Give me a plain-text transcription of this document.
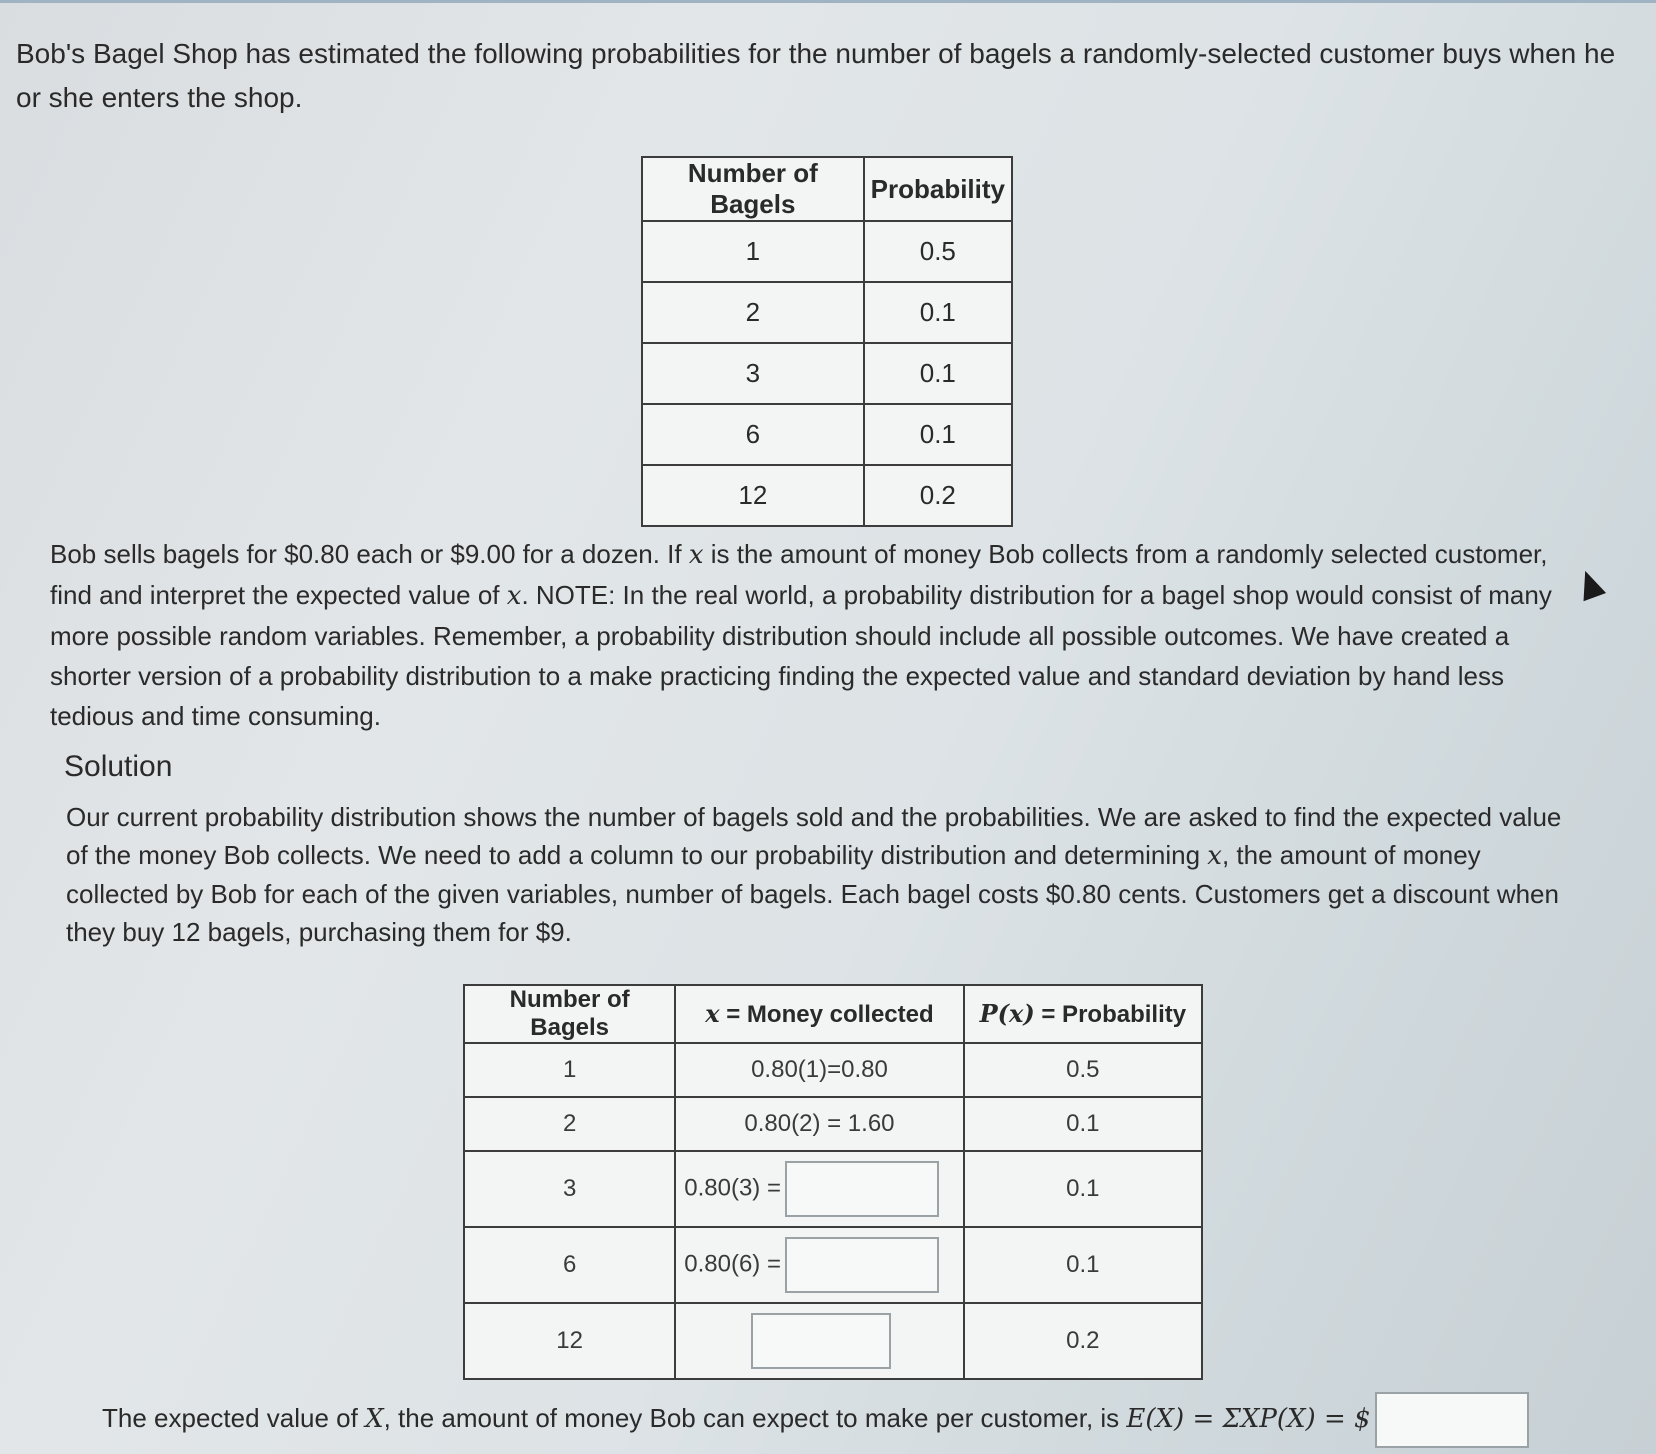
Bob's Bagel Shop has estimated the following probabilities for the number of bagels a randomly-selected customer buys when he or she enters the shop.
Number of Bagels	Probability
1	0.5
2	0.1
3	0.1
6	0.1
12	0.2
Bob sells bagels for $0.80 each or $9.00 for a dozen. If x is the amount of money Bob collects from a randomly selected customer, find and interpret the expected value of x. NOTE: In the real world, a probability distribution for a bagel shop would consist of many more possible random variables. Remember, a probability distribution should include all possible outcomes. We have created a shorter version of a probability distribution to a make practicing finding the expected value and standard deviation by hand less tedious and time consuming.
Solution
Our current probability distribution shows the number of bagels sold and the probabilities. We are asked to find the expected value of the money Bob collects. We need to add a column to our probability distribution and determining x, the amount of money collected by Bob for each of the given variables, number of bagels. Each bagel costs $0.80 cents. Customers get a discount when they buy 12 bagels, purchasing them for $9.
Number of Bagels	x = Money collected	P(x) = Probability
1	0.80(1)=0.80	0.5
2	0.80(2) = 1.60	0.1
3	0.80(3) =	0.1
6	0.80(6) =	0.1
12		0.2
The expected value of X, the amount of money Bob can expect to make per customer, is E(X) = ΣXP(X) = $
